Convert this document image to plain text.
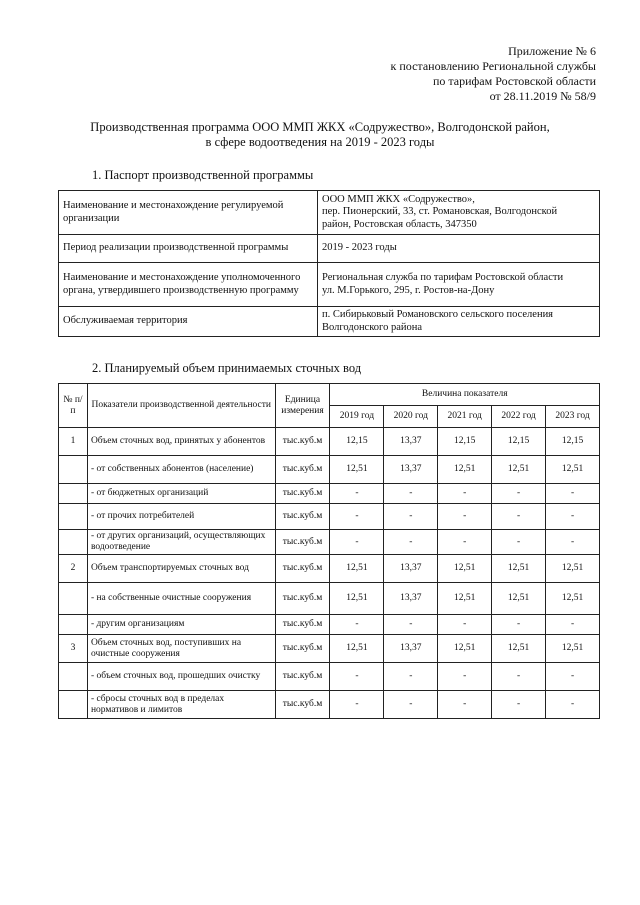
Приложение № 6
к постановлению Региональной службы
по тарифам Ростовской области
от 28.11.2019 № 58/9
Производственная программа ООО ММП ЖКХ «Содружество», Волгодонской район,
в сфере водоотведения на 2019 - 2023 годы
1. Паспорт производственной программы
Наименование и местонахождение регулируемой организации	ООО ММП ЖКХ «Содружество»,
пер. Пионерский, 33, ст. Романовская, Волгодонской
район, Ростовская область, 347350

Период реализации производственной программы	2019 - 2023 годы

Наименование и местонахождение уполномоченного органа, утвердившего производственную программу	Региональная служба по тарифам Ростовской области
ул. М.Горького, 295, г. Ростов-на-Дону

Обслуживаемая территория	п. Сибирьковый Романовского сельского поселения
Волгодонского района
2. Планируемый объем принимаемых сточных вод
№ п/п	Показатели производственной деятельности	Единица измерения	Величина показателя				
			2019 год	2020 год	2021 год	2022 год	2023 год
1	Объем сточных вод, принятых у абонентов	тыс.куб.м	12,15	13,37	12,15	12,15	12,15
	- от собственных абонентов (население)	тыс.куб.м	12,51	13,37	12,51	12,51	12,51
	- от бюджетных организаций	тыс.куб.м	-	-	-	-	-
	- от прочих потребителей	тыс.куб.м	-	-	-	-	-
	- от других организаций, осуществляющих водоотведение	тыс.куб.м	-	-	-	-	-
2	Объем транспортируемых сточных вод	тыс.куб.м	12,51	13,37	12,51	12,51	12,51
	- на собственные очистные сооружения	тыс.куб.м	12,51	13,37	12,51	12,51	12,51
	- другим организациям	тыс.куб.м	-	-	-	-	-
3	Объем сточных вод, поступивших на очистные сооружения	тыс.куб.м	12,51	13,37	12,51	12,51	12,51
	- объем сточных вод, прошедших очистку	тыс.куб.м	-	-	-	-	-
	- сбросы сточных вод в пределах нормативов и лимитов	тыс.куб.м	-	-	-	-	-
